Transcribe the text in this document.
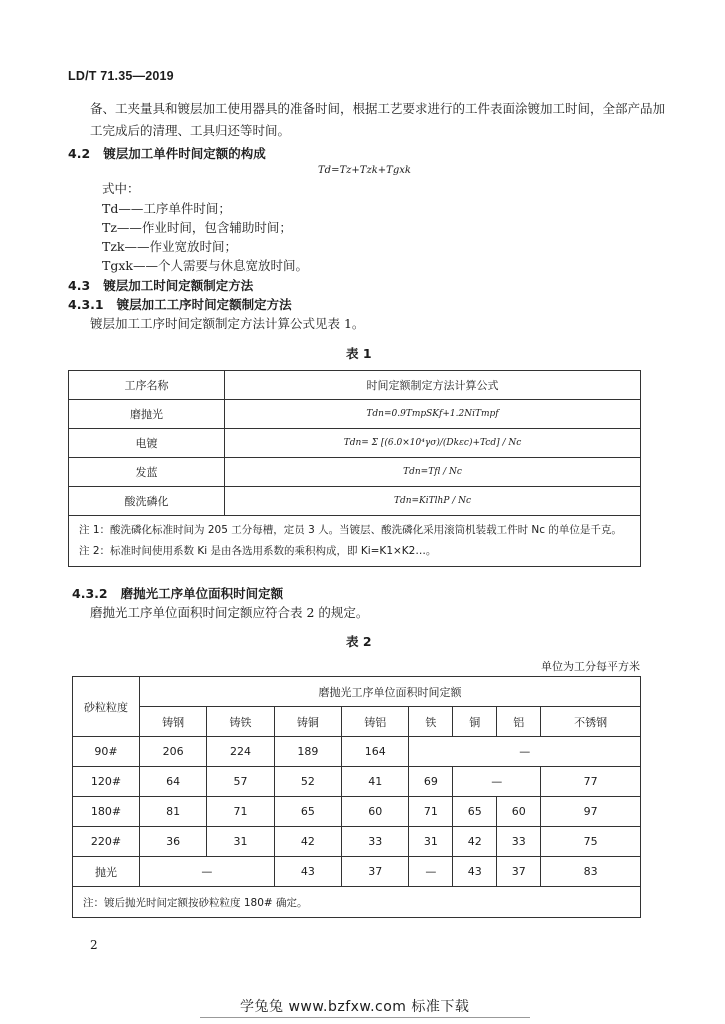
LD/T 71.35—2019
备、工夹量具和镀层加工使用器具的准备时间，根据工艺要求进行的工件表面涂镀加工时间，全部产品加
工完成后的清理、工具归还等时间。
4.2 镀层加工单件时间定额的构成
Td=Tz+Tzk+Tgxk
式中：
Td——工序单件时间；
Tz——作业时间，包含辅助时间；
Tzk——作业宽放时间；
Tgxk——个人需要与休息宽放时间。
4.3 镀层加工时间定额制定方法
4.3.1 镀层加工工序时间定额制定方法
镀层加工工序时间定额制定方法计算公式见表 1。
表 1
工序名称	时间定额制定方法计算公式
磨抛光	Tdn=0.9TmpSKf+1.2NiTmpf
电镀	Tdn= Σ [(6.0×10⁴γσ)/(Dkεc)+Tcd] / Nc
发蓝	Tdn=Tfl / Nc
酸洗磷化	Tdn=KiTlhP / Nc

注 1：酸洗磷化标准时间为 205 工分每槽，定员 3 人。当镀层、酸洗磷化采用滚筒机装载工件时 Nc 的单位是千克。
注 2：标准时间使用系数 Ki 是由各选用系数的乘积构成，即 Ki=K1×K2…。	
4.3.2 磨抛光工序单位面积时间定额
磨抛光工序单位面积时间定额应符合表 2 的规定。
表 2
单位为工分每平方米
砂粒粒度	磨抛光工序单位面积时间定额							
	铸钢	铸铁	铸铜	铸铝	铁	铜	铝	不锈钢
90#	206	224	189	164	—			
120#	64	57	52	41	69	—		77
180#	81	71	65	60	71	65	60	97
220#	36	31	42	33	31	42	33	75
抛光	—		43	37	—	43	37	83
注：镀后抛光时间定额按砂粒粒度 180# 确定。								
2
学兔兔 www.bzfxw.com 标准下载
